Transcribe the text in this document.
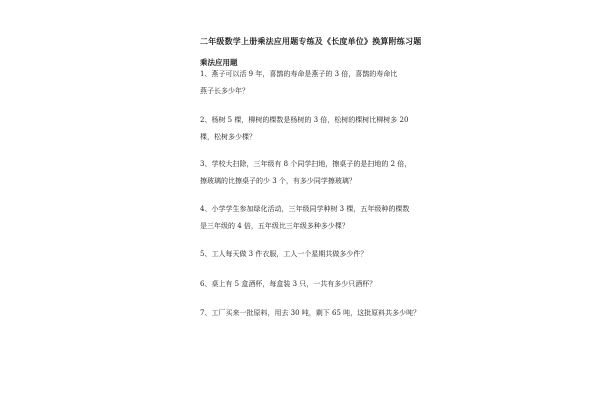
二年级数学上册乘法应用题专练及《长度单位》换算附练习题
乘法应用题
1、燕子可以活 9 年，喜鹊的寿命是燕子的 3 倍，喜鹊的寿命比
燕子长多少年？
2、杨树 5 棵，柳树的棵数是杨树的 3 倍，松树的棵树比柳树多 20
棵，松树多少棵？
3、学校大扫除，三年级有 8 个同学扫地，擦桌子的是扫地的 2 倍，
擦玻璃的比擦桌子的少 3 个，有多少同学擦玻璃？
4、小学学生参加绿化活动，三年级同学种树 3 棵，五年级种的棵数
是三年级的 4 倍，五年级比三年级多种多少棵？
5、工人每天做 3 件衣服，工人一个星期共做多少件？
6、桌上有 5 盒酒杯，每盒装 3 只，一共有多少只酒杯？
7、工厂买来一批原料，用去 30 吨，剩下 65 吨，这批原料共多少吨？
